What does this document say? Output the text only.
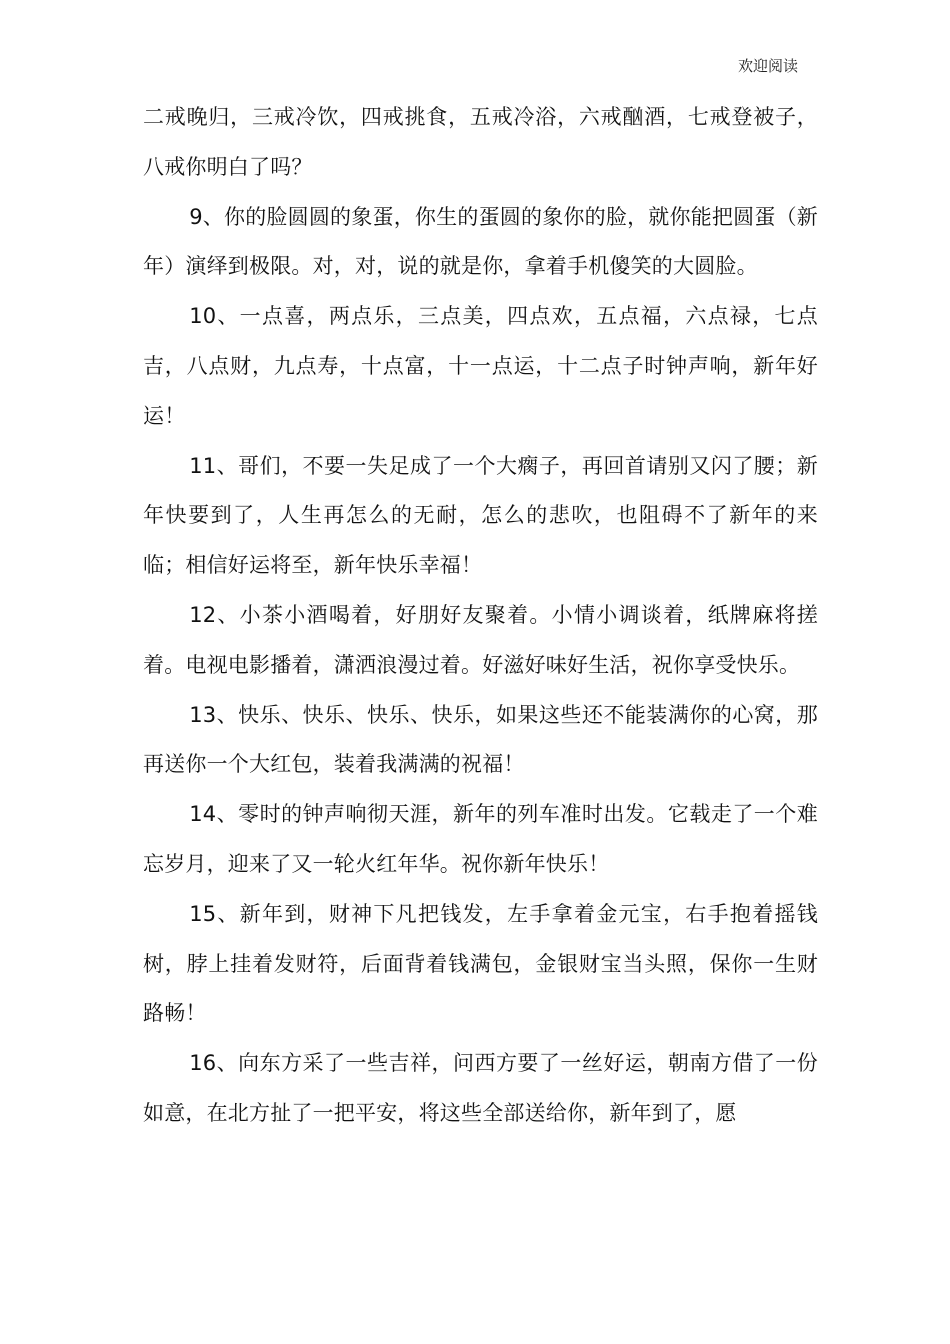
欢迎阅读

二戒晚归，三戒冷饮，四戒挑食，五戒冷浴，六戒酗酒，七戒登被子，八戒你明白了吗？

9、你的脸圆圆的象蛋，你生的蛋圆的象你的脸，就你能把圆蛋（新年）演绎到极限。对，对，说的就是你，拿着手机傻笑的大圆脸。

10、一点喜，两点乐，三点美，四点欢，五点福，六点禄，七点吉，八点财，九点寿，十点富，十一点运，十二点子时钟声响，新年好运！

11、哥们，不要一失足成了一个大瘸子，再回首请别又闪了腰；新年快要到了，人生再怎么的无耐，怎么的悲吹，也阻碍不了新年的来临；相信好运将至，新年快乐幸福！

12、小茶小酒喝着，好朋好友聚着。小情小调谈着，纸牌麻将搓着。电视电影播着，潇洒浪漫过着。好滋好味好生活，祝你享受快乐。

13、快乐、快乐、快乐、快乐，如果这些还不能装满你的心窝，那再送你一个大红包，装着我满满的祝福！

14、零时的钟声响彻天涯，新年的列车准时出发。它载走了一个难忘岁月，迎来了又一轮火红年华。祝你新年快乐！

15、新年到，财神下凡把钱发，左手拿着金元宝，右手抱着摇钱树，脖上挂着发财符，后面背着钱满包，金银财宝当头照，保你一生财路畅！

16、向东方采了一些吉祥，问西方要了一丝好运，朝南方借了一份如意，在北方扯了一把平安，将这些全部送给你，新年到了，愿
